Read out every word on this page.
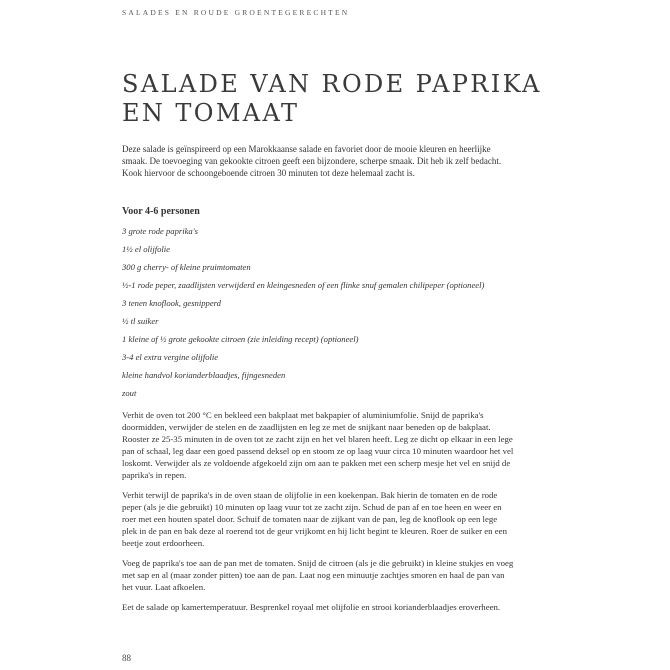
SALADES EN ROUDE GROENTEGERECHTEN
SALADE VAN RODE PAPRIKA
EN TOMAAT

Deze salade is geïnspireerd op een Marokkaanse salade en favoriet door de mooie kleuren en heerlijke smaak. De toevoeging van gekookte citroen geeft een bijzondere, scherpe smaak. Dit heb ik zelf bedacht. Kook hiervoor de schoongeboende citroen 30 minuten tot deze helemaal zacht is.

Voor 4-6 personen

3 grote rode paprika's
1½ el olijfolie
300 g cherry- of kleine pruimtomaten
½-1 rode peper, zaadlijsten verwijderd en kleingesneden of een flinke snuf gemalen chilipeper (optioneel)
3 tenen knoflook, gesnipperd
½ tl suiker
1 kleine of ½ grote gekookte citroen (zie inleiding recept) (optioneel)
3-4 el extra vergine olijfolie
kleine handvol korianderblaadjes, fijngesneden
zout

Verhit de oven tot 200 °C en bekleed een bakplaat met bakpapier of aluminiumfolie. Snijd de paprika's doormidden, verwijder de stelen en de zaadlijsten en leg ze met de snijkant naar beneden op de bakplaat. Rooster ze 25-35 minuten in de oven tot ze zacht zijn en het vel blaren heeft. Leg ze dicht op elkaar in een lege pan of schaal, leg daar een goed passend deksel op en stoom ze op laag vuur circa 10 minuten waardoor het vel loskomt. Verwijder als ze voldoende afgekoeld zijn om aan te pakken met een scherp mesje het vel en snijd de paprika's in repen.

Verhit terwijl de paprika's in de oven staan de olijfolie in een koekenpan. Bak hierin de tomaten en de rode peper (als je die gebruikt) 10 minuten op laag vuur tot ze zacht zijn. Schud de pan af en toe heen en weer en roer met een houten spatel door. Schuif de tomaten naar de zijkant van de pan, leg de knoflook op een lege plek in de pan en bak deze al roerend tot de geur vrijkomt en hij licht begint te kleuren. Roer de suiker en een beetje zout erdoorheen.

Voeg de paprika's toe aan de pan met de tomaten. Snijd de citroen (als je die gebruikt) in kleine stukjes en voeg met sap en al (maar zonder pitten) toe aan de pan. Laat nog een minuutje zachtjes smoren en haal de pan van het vuur. Laat afkoelen.

Eet de salade op kamertemperatuur. Besprenkel royaal met olijfolie en strooi korianderblaadjes eroverheen.

88
